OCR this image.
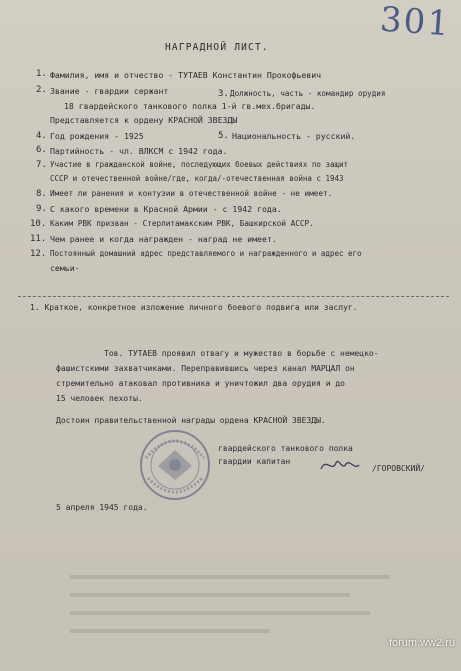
301
НАГРАДНОЙ ЛИСТ.
1. Фамилия, имя и отчество - ТУТАЕВ Константин Прокофьевич
2. Звание - гвардии сержант	3. Должность, часть - командир орудия
18 гвардейского танкового полка 1-й гв.мех.бригады.
Представляется к ордену КРАСНОЙ ЗВЕЗДЫ
4. Год рождения - 1925	5. Национальность - русский.
6. Партийность - чл. ВЛКСМ с 1942 года.
7. Участие в гражданской войне, последующих боевых действиях по защит
СССР и отечественной войне/где, когда/-отечественная война с 1943
8. Имеет ли ранения и контузии в отечественной войне - не имеет.
9. С какого времени в Красной Армии - с 1942 года.
10. Каким РВК призван - Стерлитамакским РВК, Башкирской АССР.
11. Чем ранее и когда награжден - наград не имеет.
12. Постоянный домашний адрес представляемого и награжденного и адрес его
семьи-
1. Краткое, конкретное изложение личного боевого подвига или заслуг.
Тов. ТУТАЕВ проявил отвагу и мужество в борьбе с немецко-
фашистскими захватчиками. Переправившись через канал МАРЦАЛ он
стремительно атаковал противника и уничтожил два орудия и до
15 человек пехоты.
Достоин правительственной награды ордена КРАСНОЙ ЗВЕЗДЫ.
гвардейского танкового полка
гвардии капитан
/ГОРОВСКИЙ/
5 апреля 1945 года.
forum.ww2.ru
